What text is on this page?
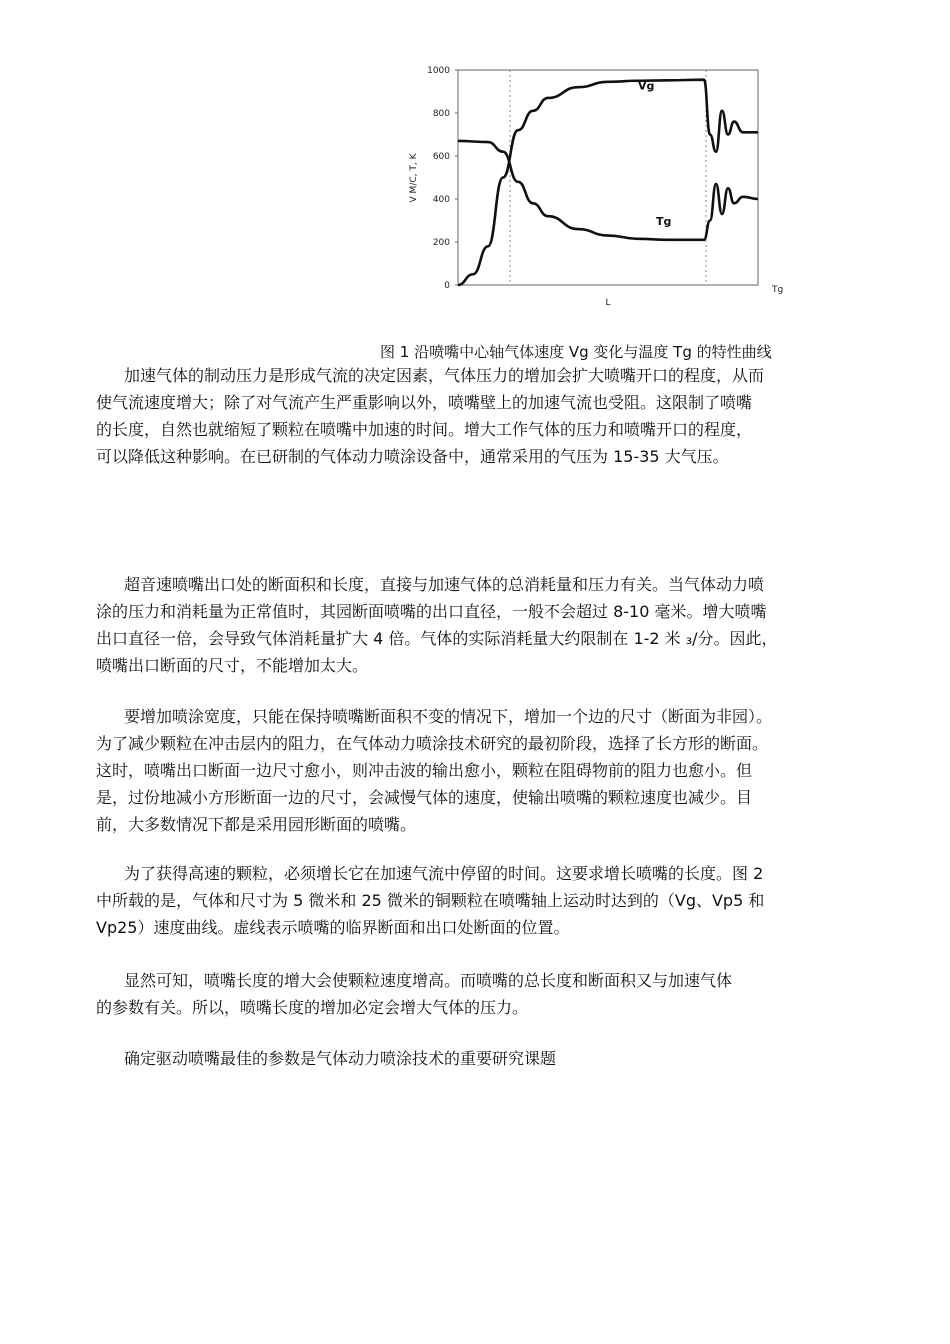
0
200
400
600
800
1000
V M/C, T, K
L
Tg
Vg
Tg
图 1 沿喷嘴中心轴气体速度 Vg 变化与温度 Tg 的特性曲线
加速气体的制动压力是形成气流的决定因素，气体压力的增加会扩大喷嘴开口的程度，从而
使气流速度增大；除了对气流产生严重影响以外，喷嘴壁上的加速气流也受阻。这限制了喷嘴
的长度，自然也就缩短了颗粒在喷嘴中加速的时间。增大工作气体的压力和喷嘴开口的程度，
可以降低这种影响。在已研制的气体动力喷涂设备中，通常采用的气压为 15-35 大气压。
超音速喷嘴出口处的断面积和长度，直接与加速气体的总消耗量和压力有关。当气体动力喷
涂的压力和消耗量为正常值时，其园断面喷嘴的出口直径，一般不会超过 8-10 毫米。增大喷嘴
出口直径一倍，会导致气体消耗量扩大 4 倍。气体的实际消耗量大约限制在 1-2 米 ₃/分。因此，
喷嘴出口断面的尺寸，不能增加太大。
要增加喷涂宽度，只能在保持喷嘴断面积不变的情况下，增加一个边的尺寸（断面为非园）。
为了减少颗粒在冲击层内的阻力，在气体动力喷涂技术研究的最初阶段，选择了长方形的断面。
这时，喷嘴出口断面一边尺寸愈小，则冲击波的输出愈小，颗粒在阻碍物前的阻力也愈小。但
是，过份地减小方形断面一边的尺寸，会减慢气体的速度，使输出喷嘴的颗粒速度也减少。目
前，大多数情况下都是采用园形断面的喷嘴。
为了获得高速的颗粒，必须增长它在加速气流中停留的时间。这要求增长喷嘴的长度。图 2
中所载的是，气体和尺寸为 5 微米和 25 微米的铜颗粒在喷嘴轴上运动时达到的（Vg、Vp5 和
Vp25）速度曲线。虚线表示喷嘴的临界断面和出口处断面的位置。
显然可知，喷嘴长度的增大会使颗粒速度增高。而喷嘴的总长度和断面积又与加速气体
的参数有关。所以，喷嘴长度的增加必定会增大气体的压力。
确定驱动喷嘴最佳的参数是气体动力喷涂技术的重要研究课题
